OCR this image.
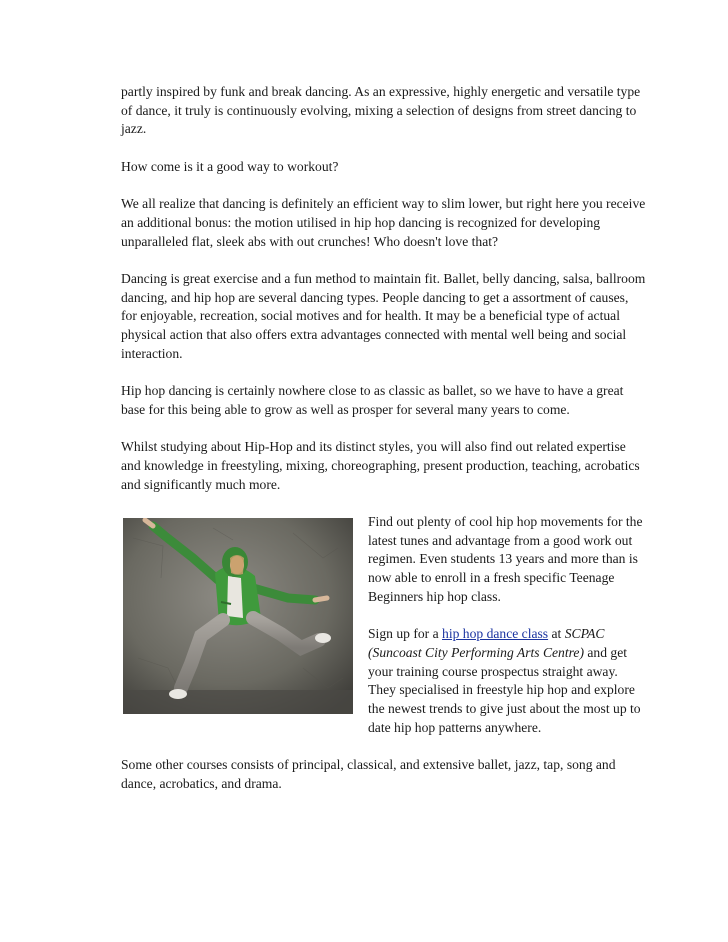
partly inspired by funk and break dancing. As an expressive, highly energetic and versatile type of dance, it truly is continuously evolving, mixing a selection of designs from street dancing to jazz.

How come is it a good way to workout?

We all realize that dancing is definitely an efficient way to slim lower, but right here you receive an additional bonus: the motion utilised in hip hop dancing is recognized for developing unparalleled flat, sleek abs with out crunches! Who doesn't love that?

Dancing is great exercise and a fun method to maintain fit. Ballet, belly dancing, salsa, ballroom dancing, and hip hop are several dancing types. People dancing to get a assortment of causes, for enjoyable, recreation, social motives and for health. It may be a beneficial type of actual physical action that also offers extra advantages connected with mental well being and social interaction.

Hip hop dancing is certainly nowhere close to as classic as ballet, so we have to have a great base for this being able to grow as well as prosper for several many years to come.

Whilst studying about Hip-Hop and its distinct styles, you will also find out related expertise and knowledge in freestyling, mixing, choreographing, present production, teaching, acrobatics and significantly much more.

Find out plenty of cool hip hop movements for the latest tunes and advantage from a good work out regimen. Even students 13 years and more than is now able to enroll in a fresh specific Teenage Beginners hip hop class.

Sign up for a hip hop dance class at SCPAC (Suncoast City Performing Arts Centre) and get your training course prospectus straight away. They specialised in freestyle hip hop and explore the newest trends to give just about the most up to date hip hop patterns anywhere.

Some other courses consists of principal, classical, and extensive ballet, jazz, tap, song and dance, acrobatics, and drama.
